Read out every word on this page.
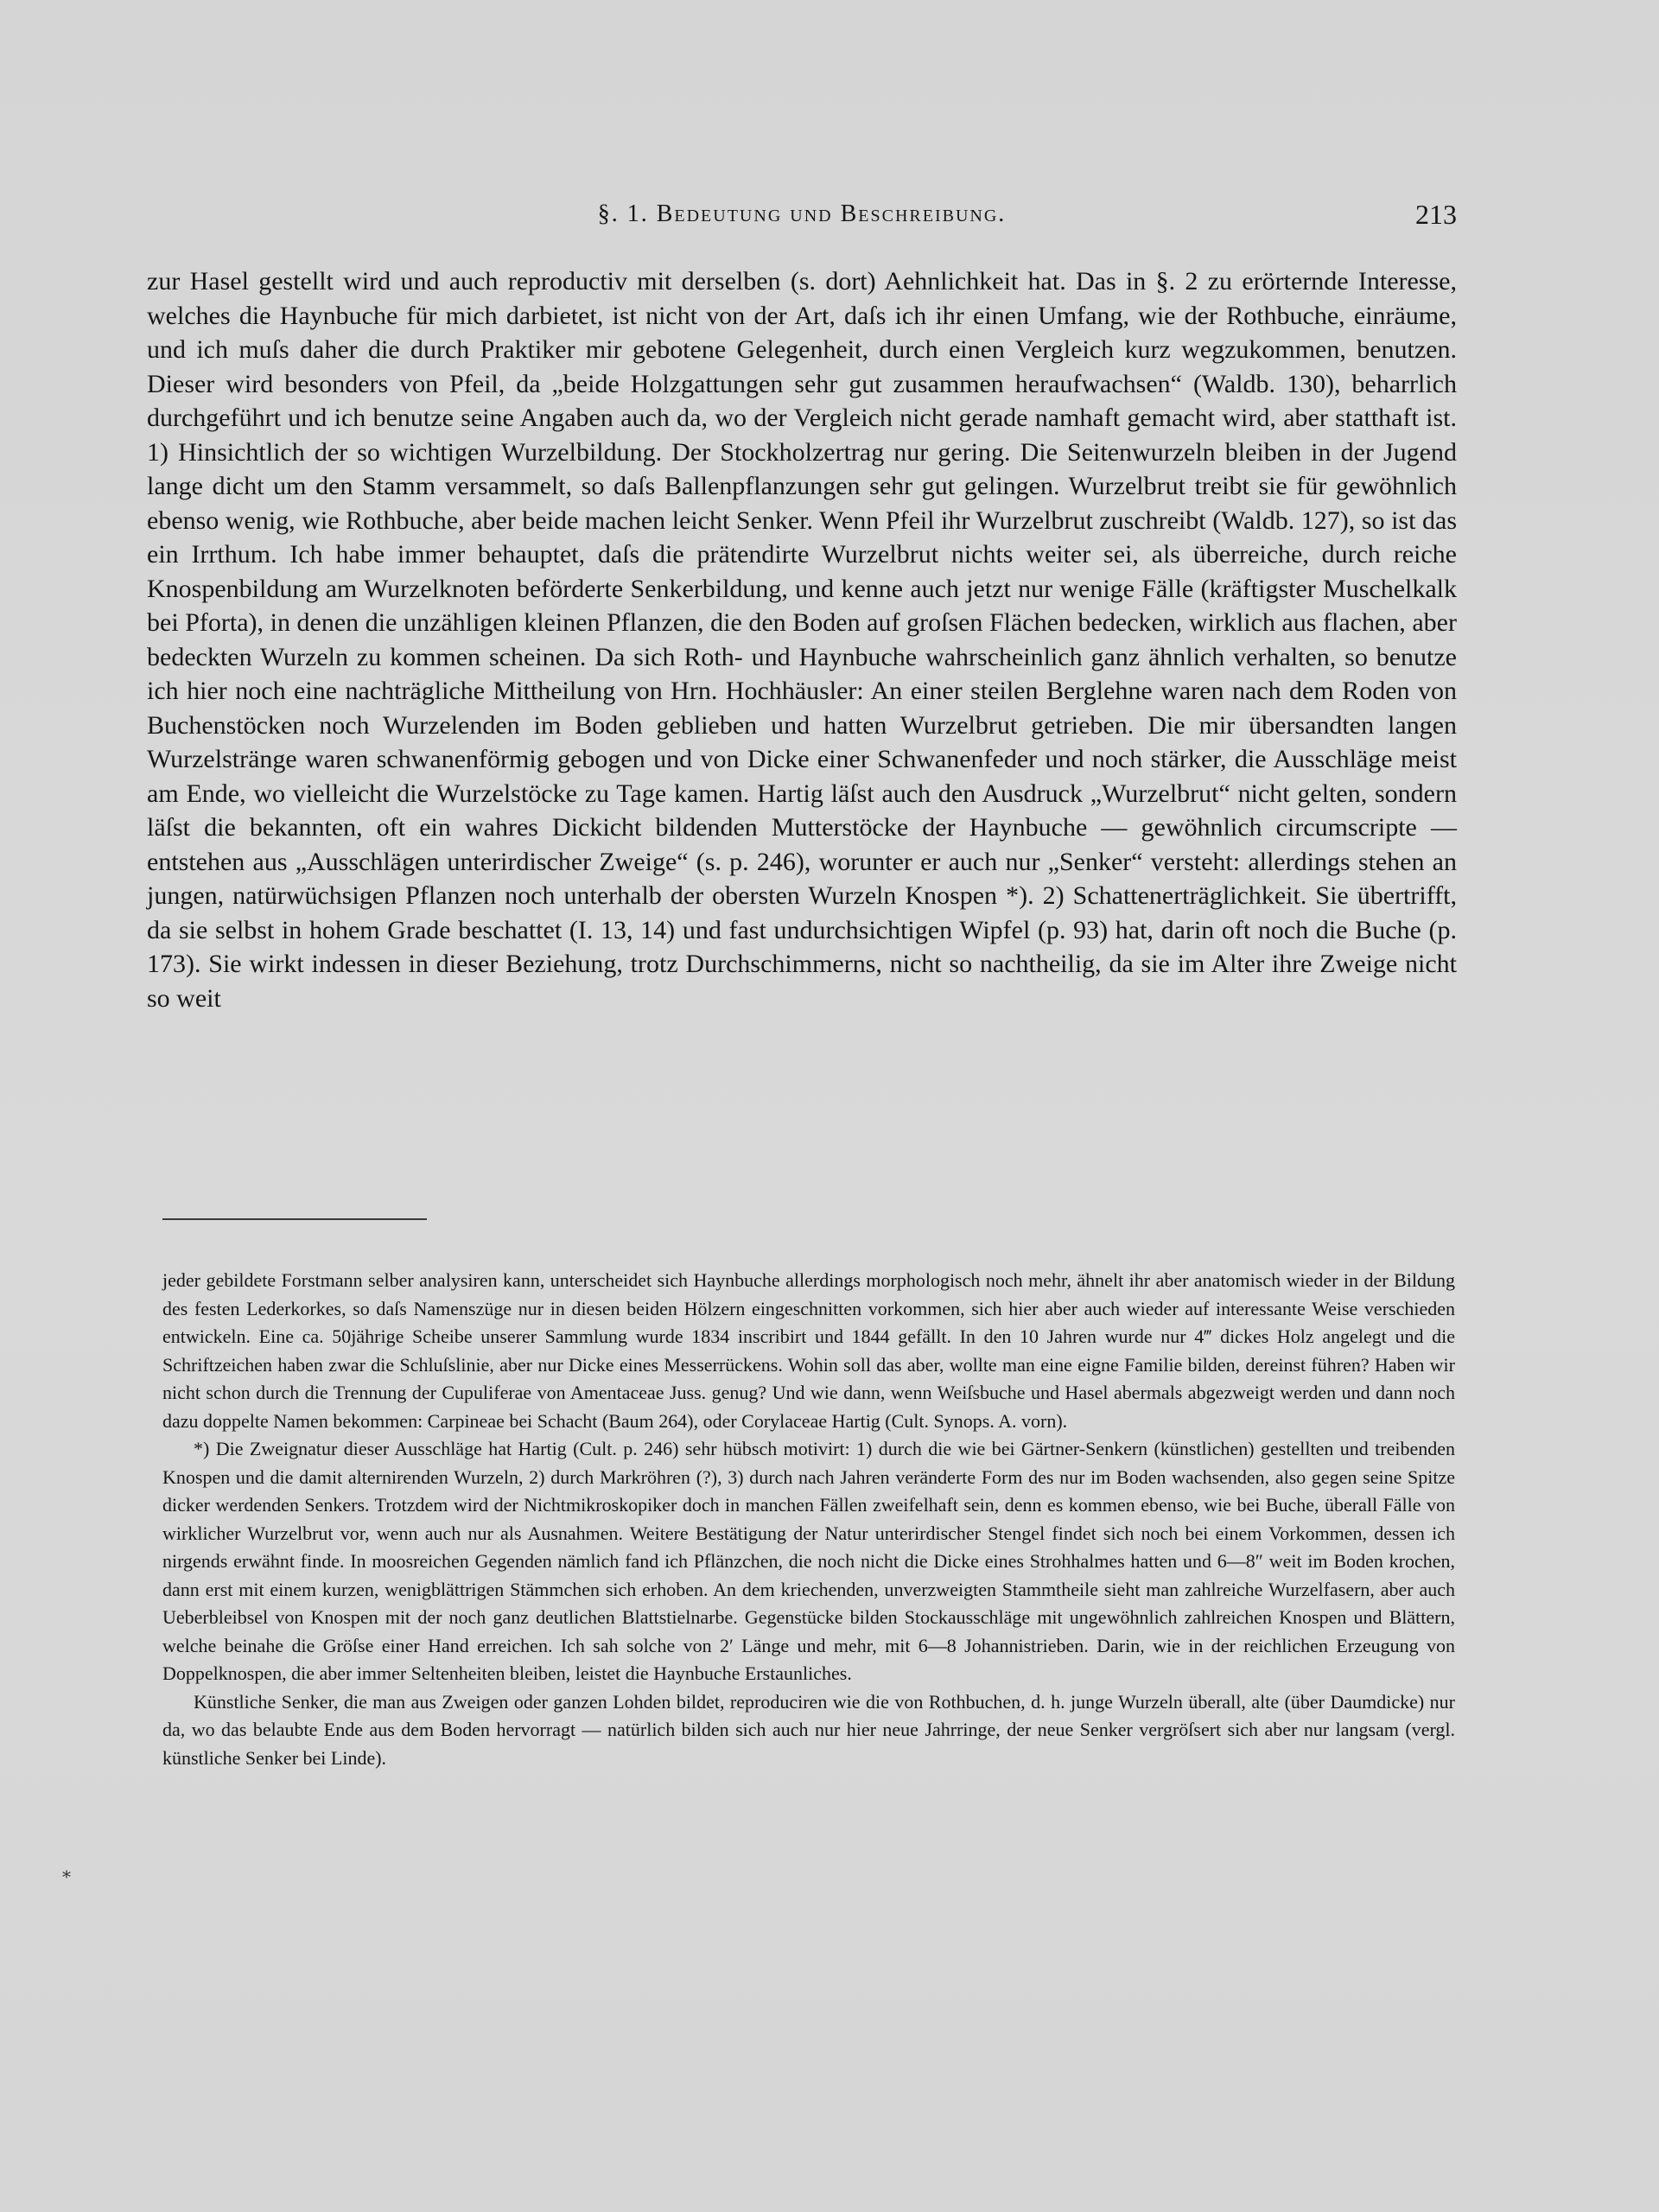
§. 1. Bedeutung und Beschreibung.	213

zur Hasel gestellt wird und auch reproductiv mit derselben (s. dort) Aehnlichkeit hat. Das in §. 2 zu erörternde Interesse, welches die Haynbuche für mich darbietet, ist nicht von der Art, daſs ich ihr einen Umfang, wie der Rothbuche, einräume, und ich muſs daher die durch Praktiker mir gebotene Gelegenheit, durch einen Vergleich kurz wegzukommen, benutzen. Dieser wird besonders von Pfeil, da „beide Holzgattungen sehr gut zusammen heraufwachsen“ (Waldb. 130), beharrlich durchgeführt und ich benutze seine Angaben auch da, wo der Vergleich nicht gerade namhaft gemacht wird, aber statthaft ist. 1) Hinsichtlich der so wichtigen Wurzelbildung. Der Stockholzertrag nur gering. Die Seitenwurzeln bleiben in der Jugend lange dicht um den Stamm versammelt, so daſs Ballenpflanzungen sehr gut gelingen. Wurzelbrut treibt sie für gewöhnlich ebenso wenig, wie Rothbuche, aber beide machen leicht Senker. Wenn Pfeil ihr Wurzelbrut zuschreibt (Waldb. 127), so ist das ein Irrthum. Ich habe immer behauptet, daſs die prätendirte Wurzelbrut nichts weiter sei, als überreiche, durch reiche Knospenbildung am Wurzelknoten beförderte Senkerbildung, und kenne auch jetzt nur wenige Fälle (kräftigster Muschelkalk bei Pforta), in denen die unzähligen kleinen Pflanzen, die den Boden auf groſsen Flächen bedecken, wirklich aus flachen, aber bedeckten Wurzeln zu kommen scheinen. Da sich Roth- und Haynbuche wahrscheinlich ganz ähnlich verhalten, so benutze ich hier noch eine nachträgliche Mittheilung von Hrn. Hochhäusler: An einer steilen Berglehne waren nach dem Roden von Buchenstöcken noch Wurzelenden im Boden geblieben und hatten Wurzelbrut getrieben. Die mir übersandten langen Wurzelstränge waren schwanenförmig gebogen und von Dicke einer Schwanenfeder und noch stärker, die Ausschläge meist am Ende, wo vielleicht die Wurzelstöcke zu Tage kamen. Hartig läſst auch den Ausdruck „Wurzelbrut“ nicht gelten, sondern läſst die bekannten, oft ein wahres Dickicht bildenden Mutterstöcke der Haynbuche — gewöhnlich circumscripte — entstehen aus „Ausschlägen unterirdischer Zweige“ (s. p. 246), worunter er auch nur „Senker“ versteht: allerdings stehen an jungen, natürwüchsigen Pflanzen noch unterhalb der obersten Wurzeln Knospen *). 2) Schattenerträglichkeit. Sie übertrifft, da sie selbst in hohem Grade beschattet (I. 13, 14) und fast undurchsichtigen Wipfel (p. 93) hat, darin oft noch die Buche (p. 173). Sie wirkt indessen in dieser Beziehung, trotz Durchschimmerns, nicht so nachtheilig, da sie im Alter ihre Zweige nicht so weit

jeder gebildete Forstmann selber analysiren kann, unterscheidet sich Haynbuche allerdings morphologisch noch mehr, ähnelt ihr aber anatomisch wieder in der Bildung des festen Lederkorkes, so daſs Namenszüge nur in diesen beiden Hölzern eingeschnitten vorkommen, sich hier aber auch wieder auf interessante Weise verschieden entwickeln. Eine ca. 50jährige Scheibe unserer Sammlung wurde 1834 inscribirt und 1844 gefällt. In den 10 Jahren wurde nur 4‴ dickes Holz angelegt und die Schriftzeichen haben zwar die Schluſslinie, aber nur Dicke eines Messerrückens. Wohin soll das aber, wollte man eine eigne Familie bilden, dereinst führen? Haben wir nicht schon durch die Trennung der Cupuliferae von Amentaceae Juss. genug? Und wie dann, wenn Weiſsbuche und Hasel abermals abgezweigt werden und dann noch dazu doppelte Namen bekommen: Carpineae bei Schacht (Baum 264), oder Corylaceae Hartig (Cult. Synops. A. vorn).

*) Die Zweignatur dieser Ausschläge hat Hartig (Cult. p. 246) sehr hübsch motivirt: 1) durch die wie bei Gärtner-Senkern (künstlichen) gestellten und treibenden Knospen und die damit alternirenden Wurzeln, 2) durch Markröhren (?), 3) durch nach Jahren veränderte Form des nur im Boden wachsenden, also gegen seine Spitze dicker werdenden Senkers. Trotzdem wird der Nichtmikroskopiker doch in manchen Fällen zweifelhaft sein, denn es kommen ebenso, wie bei Buche, überall Fälle von wirklicher Wurzelbrut vor, wenn auch nur als Ausnahmen. Weitere Bestätigung der Natur unterirdischer Stengel findet sich noch bei einem Vorkommen, dessen ich nirgends erwähnt finde. In moosreichen Gegenden nämlich fand ich Pflänzchen, die noch nicht die Dicke eines Strohhalmes hatten und 6—8″ weit im Boden krochen, dann erst mit einem kurzen, wenigblättrigen Stämmchen sich erhoben. An dem kriechenden, unverzweigten Stammtheile sieht man zahlreiche Wurzelfasern, aber auch Ueberbleibsel von Knospen mit der noch ganz deutlichen Blattstielnarbe. Gegenstücke bilden Stockausschläge mit ungewöhnlich zahlreichen Knospen und Blättern, welche beinahe die Gröſse einer Hand erreichen. Ich sah solche von 2′ Länge und mehr, mit 6—8 Johannistrieben. Darin, wie in der reichlichen Erzeugung von Doppelknospen, die aber immer Seltenheiten bleiben, leistet die Haynbuche Erstaunliches.

Künstliche Senker, die man aus Zweigen oder ganzen Lohden bildet, reproduciren wie die von Rothbuchen, d. h. junge Wurzeln überall, alte (über Daumdicke) nur da, wo das belaubte Ende aus dem Boden hervorragt — natürlich bilden sich auch nur hier neue Jahrringe, der neue Senker vergröſsert sich aber nur langsam (vergl. künstliche Senker bei Linde).

*
